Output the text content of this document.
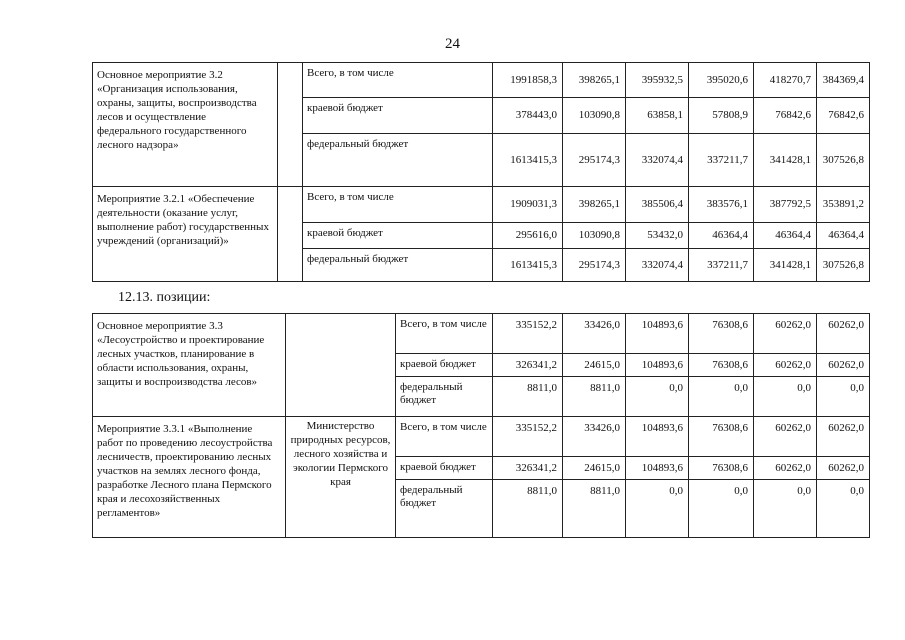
24
Основное мероприятие 3.2 «Организация использования, охраны, защиты, воспроизводства лесов и осуществление федерального государственного лесного надзора»		Всего, в том числе	1991858,3	398265,1	395932,5	395020,6	418270,7	384369,4
		краевой бюджет	378443,0	103090,8	63858,1	57808,9	76842,6	76842,6
		федеральный бюджет	1613415,3	295174,3	332074,4	337211,7	341428,1	307526,8
Мероприятие 3.2.1 «Обеспечение деятельности (оказание услуг, выполнение работ) государственных учреждений (организаций)»		Всего, в том числе	1909031,3	398265,1	385506,4	383576,1	387792,5	353891,2
		краевой бюджет	295616,0	103090,8	53432,0	46364,4	46364,4	46364,4
		федеральный бюджет	1613415,3	295174,3	332074,4	337211,7	341428,1	307526,8
12.13. позиции:
Основное мероприятие 3.3 «Лесоустройство и проектирование лесных участков, планирование в области использования, охраны, защиты и воспроизводства лесов»		Всего, в том числе	335152,2	33426,0	104893,6	76308,6	60262,0	60262,0
		краевой бюджет	326341,2	24615,0	104893,6	76308,6	60262,0	60262,0
		федеральный бюджет	8811,0	8811,0	0,0	0,0	0,0	0,0
Мероприятие 3.3.1 «Выполнение работ по проведению лесоустройства лесничеств, проектированию лесных участков на землях лесного фонда, разработке Лесного плана Пермского края и лесохозяйственных регламентов»	Министерство природных ресурсов, лесного хозяйства и экологии Пермского края	Всего, в том числе	335152,2	33426,0	104893,6	76308,6	60262,0	60262,0
		краевой бюджет	326341,2	24615,0	104893,6	76308,6	60262,0	60262,0
		федеральный бюджет	8811,0	8811,0	0,0	0,0	0,0	0,0
